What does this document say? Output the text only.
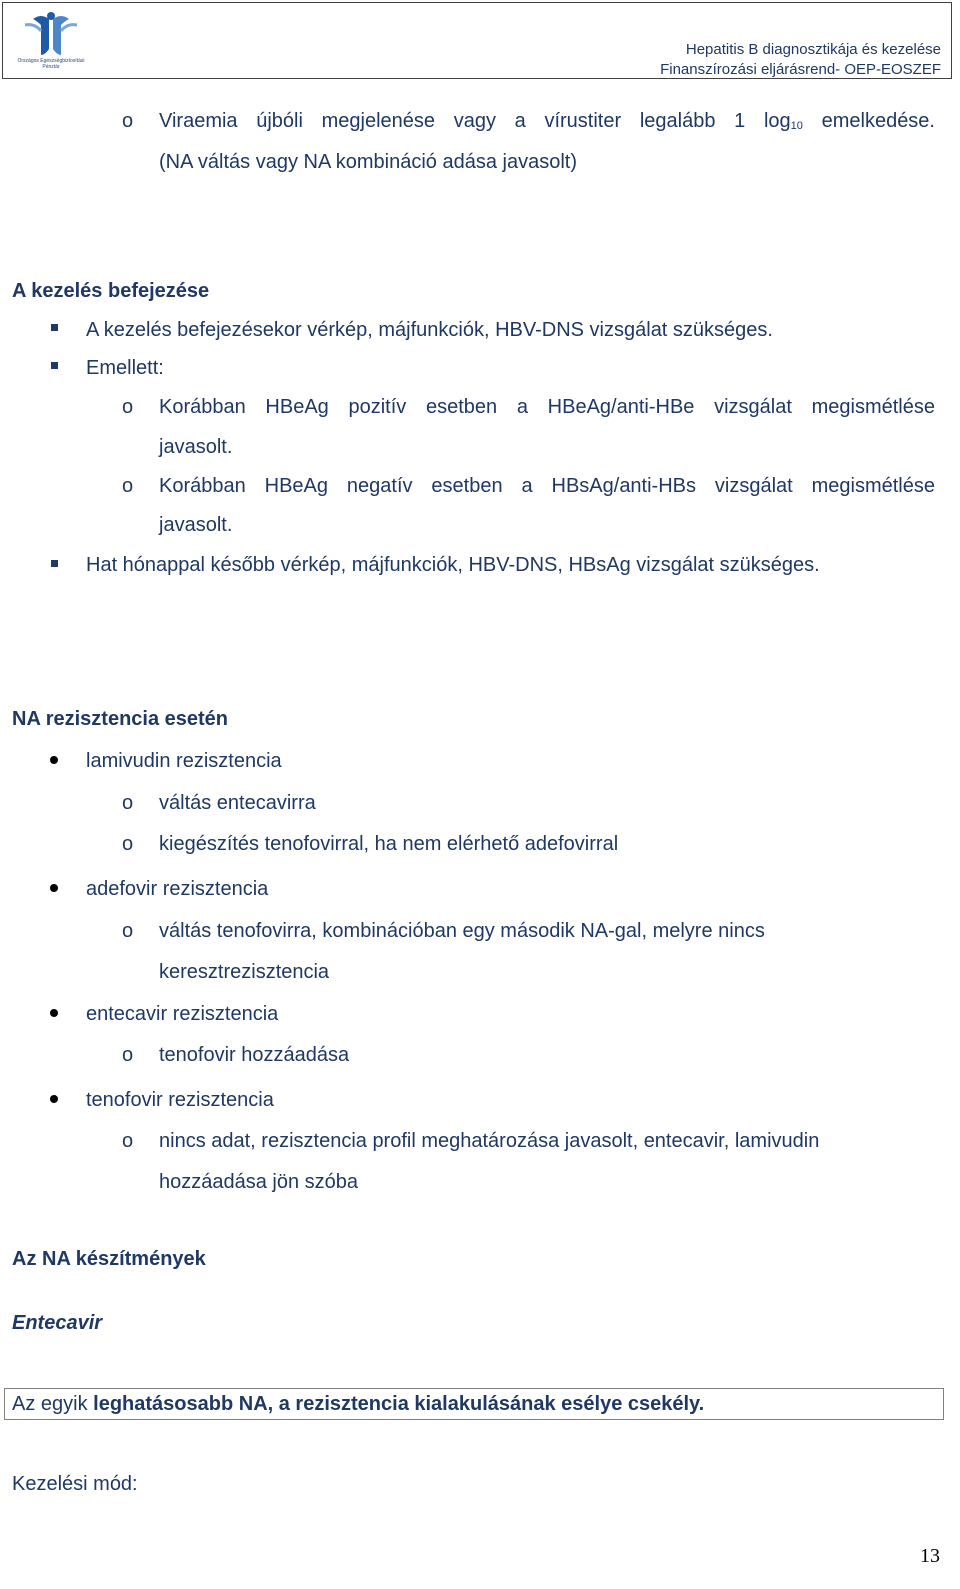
Országos Egészségbiztosítási Pénztár
Hepatitis B diagnosztikája és kezelése
Finanszírozási eljárásrend- OEP-EOSZEF
o Viraemia újbóli megjelenése vagy a vírustiter legalább 1 $\log_{10}$ emelkedése.
(NA váltás vagy NA kombináció adása javasolt)
A kezelés befejezése
A kezelés befejezésekor vérkép, májfunkciók, HBV-DNS vizsgálat szükséges.
Emellett:
o Korábban HBeAg pozitív esetben a HBeAg/anti-HBe vizsgálat megismétlése
javasolt.
o Korábban HBeAg negatív esetben a HBsAg/anti-HBs vizsgálat megismétlése
javasolt.
Hat hónappal később vérkép, májfunkciók, HBV-DNS, HBsAg vizsgálat szükséges.
NA rezisztencia esetén
lamivudin rezisztencia
o váltás entecavirra
o kiegészítés tenofovirral, ha nem elérhető adefovirral
adefovir rezisztencia
o váltás tenofovirra, kombinációban egy második NA-gal, melyre nincs
keresztrezisztencia
entecavir rezisztencia
o tenofovir hozzáadása
tenofovir rezisztencia
o nincs adat, rezisztencia profil meghatározása javasolt, entecavir, lamivudin
hozzáadása jön szóba
Az NA készítmények
Entecavir
Az egyik leghatásosabb NA, a rezisztencia kialakulásának esélye csekély.
Kezelési mód:
13
